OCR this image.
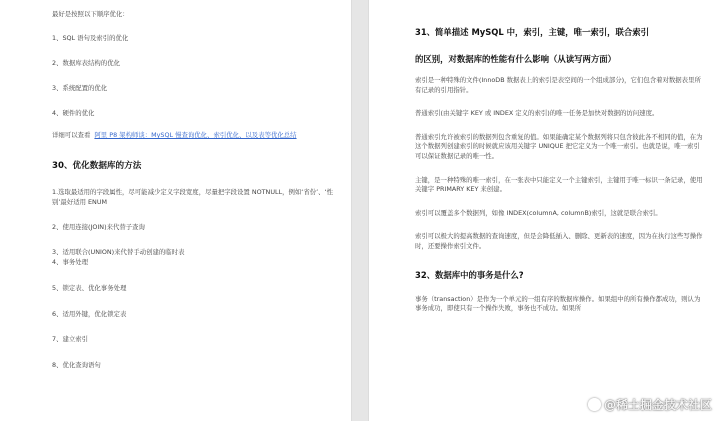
最好是按照以下顺序优化：

1、SQL 语句及索引的优化

2、数据库表结构的优化

3、系统配置的优化

4、硬件的优化

详细可以查看 阿里 P8 架构师谈：MySQL 慢查询优化、索引优化、以及表等优化总结

30、优化数据库的方法

1.选取最适用的字段属性，尽可能减少定义字段宽度，尽量把字段设置 NOTNULL，例如‘省份’、‘性别’最好适用 ENUM

2、使用连接(JOIN)来代替子查询

3、适用联合(UNION)来代替手动创建的临时表

4、事务处理

5、锁定表、优化事务处理

6、适用外键，优化锁定表

7、建立索引

8、优化查询语句

31、简单描述 MySQL 中，索引，主键，唯一索引，联合索引

的区别，对数据库的性能有什么影响（从读写两方面）

索引是一种特殊的文件(InnoDB 数据表上的索引是表空间的一个组成部分)，它们包含着对数据表里所有记录的引用指针。

普通索引(由关键字 KEY 或 INDEX 定义的索引)的唯一任务是加快对数据的访问速度。

普通索引允许被索引的数据列包含重复的值。如果能确定某个数据列将只包含彼此各不相同的值，在为这个数据列创建索引的时候就应该用关键字 UNIQUE 把它定义为一个唯一索引。也就是说，唯一索引可以保证数据记录的唯一性。

主键，是一种特殊的唯一索引，在一张表中只能定义一个主键索引，主键用于唯一标识一条记录，使用关键字 PRIMARY KEY 来创建。

索引可以覆盖多个数据列，如像 INDEX(columnA, columnB)索引，这就是联合索引。

索引可以极大的提高数据的查询速度，但是会降低插入、删除、更新表的速度，因为在执行这些写操作时，还要操作索引文件。

32、数据库中的事务是什么?

事务（transaction）是作为一个单元的一组有序的数据库操作。如果组中的所有操作都成功，则认为事务成功，即使只有一个操作失败，事务也不成功。如果所

@稀土掘金技术社区
